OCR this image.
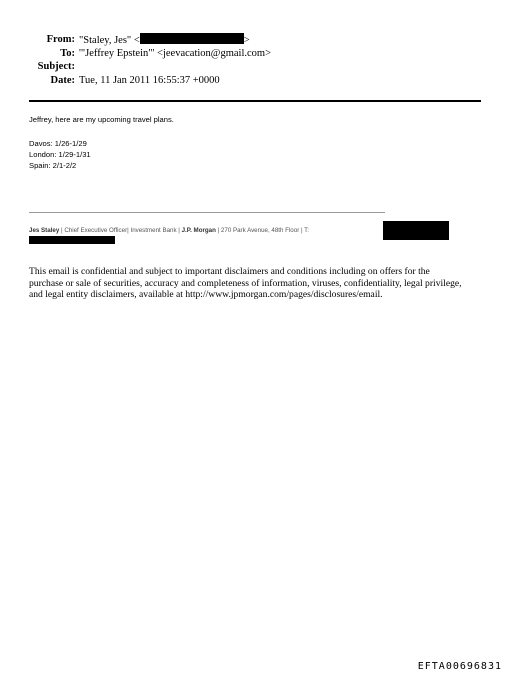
From: "Staley, Jes" <	>
To: '"Jeffrey Epstein"' <jeevacation@gmail.com>
Subject:
Date: Tue, 11 Jan 2011 16:55:37 +0000
Jeffrey, here are my upcoming travel plans.
Davos: 1/26-1/29
London: 1/29-1/31
Spain: 2/1-2/2
Jes Staley | Chief Executive Officer| Investment Bank | J.P. Morgan | 270 Park Avenue, 48th Floor | T:
This email is confidential and subject to important disclaimers and conditions including on offers for the
purchase or sale of securities, accuracy and completeness of information, viruses, confidentiality, legal privilege,
and legal entity disclaimers, available at http://www.jpmorgan.com/pages/disclosures/email.
EFTA00696831
